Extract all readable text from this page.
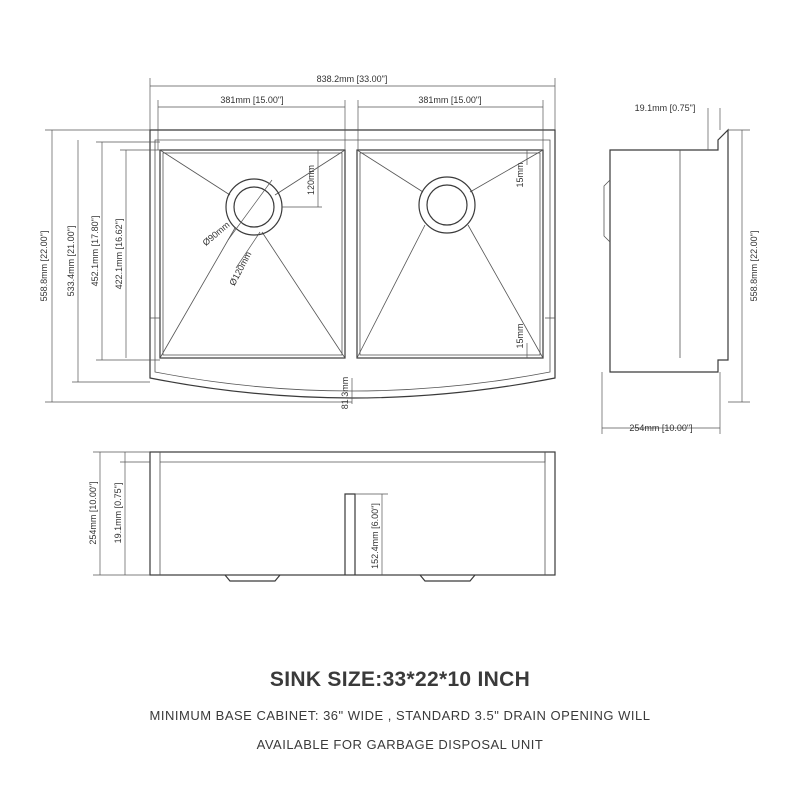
838.2mm [33.00"]
381mm [15.00"]	381mm [15.00"]
558.8mm [22.00"] 533.4mm [21.00"] 452.1mm [17.80"] 422.1mm [16.62"]
120mm
Ø90mm
Ø120mm
15mm
15mm
81.3mm
19.1mm [0.75"]
558.8mm [22.00"]
254mm [10.00"]
254mm [10.00"] 19.1mm [0.75"]	152.4mm [6.00"]
SINK SIZE:33*22*10 INCH
MINIMUM BASE CABINET: 36" WIDE , STANDARD 3.5" DRAIN OPENING WILL
AVAILABLE FOR GARBAGE DISPOSAL UNIT
